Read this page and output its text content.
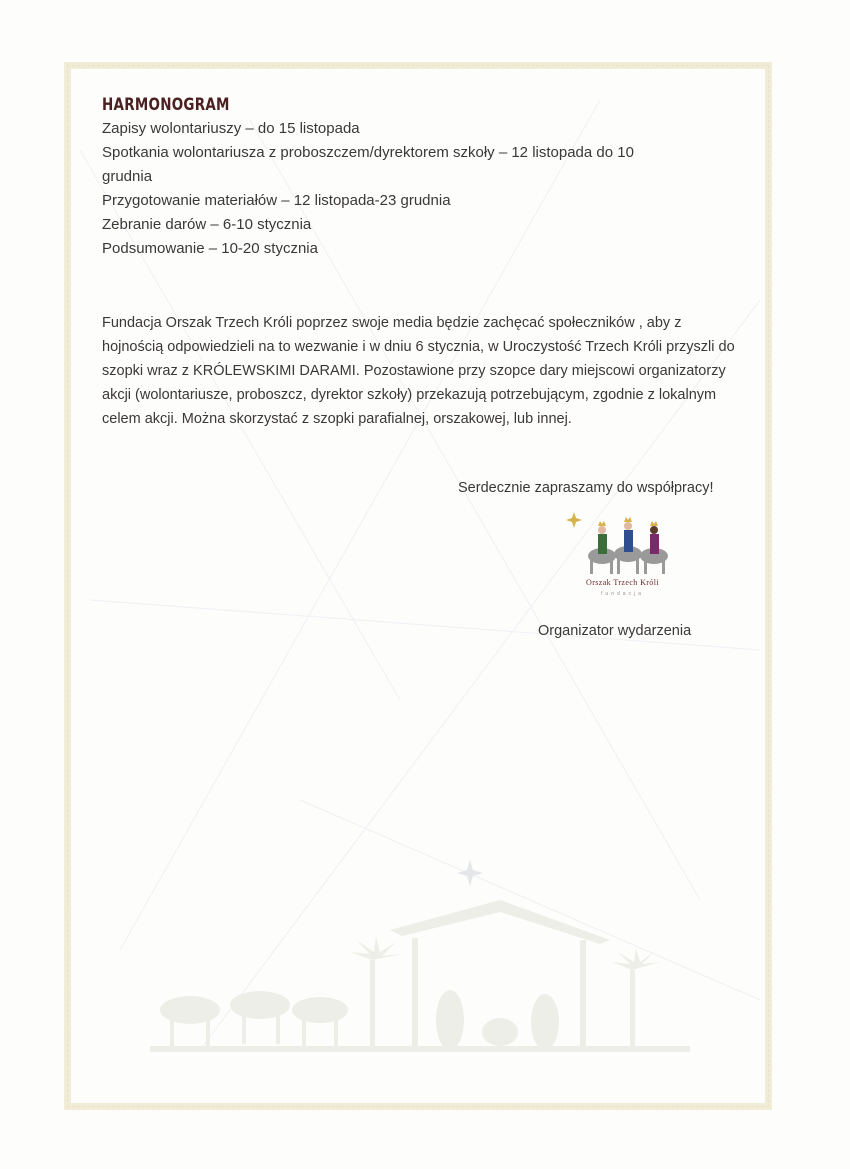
HARMONOGRAM

Zapisy wolontariuszy – do 15 listopada

Spotkania wolontariusza z proboszczem/dyrektorem szkoły – 12 listopada do 10

grudnia

Przygotowanie materiałów – 12 listopada-23 grudnia

Zebranie darów – 6-10 stycznia

Podsumowanie – 10-20 stycznia

Fundacja Orszak Trzech Króli poprzez swoje media będzie zachęcać społeczników , aby z hojnością odpowiedzieli na to wezwanie i w dniu 6 stycznia, w Uroczystość Trzech Króli przyszli do szopki wraz z KRÓLEWSKIMI DARAMI. Pozostawione przy szopce dary miejscowi organizatorzy akcji (wolontariusze, proboszcz, dyrektor szkoły) przekazują potrzebującym, zgodnie z lokalnym celem akcji. Można skorzystać z szopki parafialnej, orszakowej, lub innej.

Serdecznie zapraszamy do współpracy!
Orszak Trzech Króli
fundacja
Organizator wydarzenia
